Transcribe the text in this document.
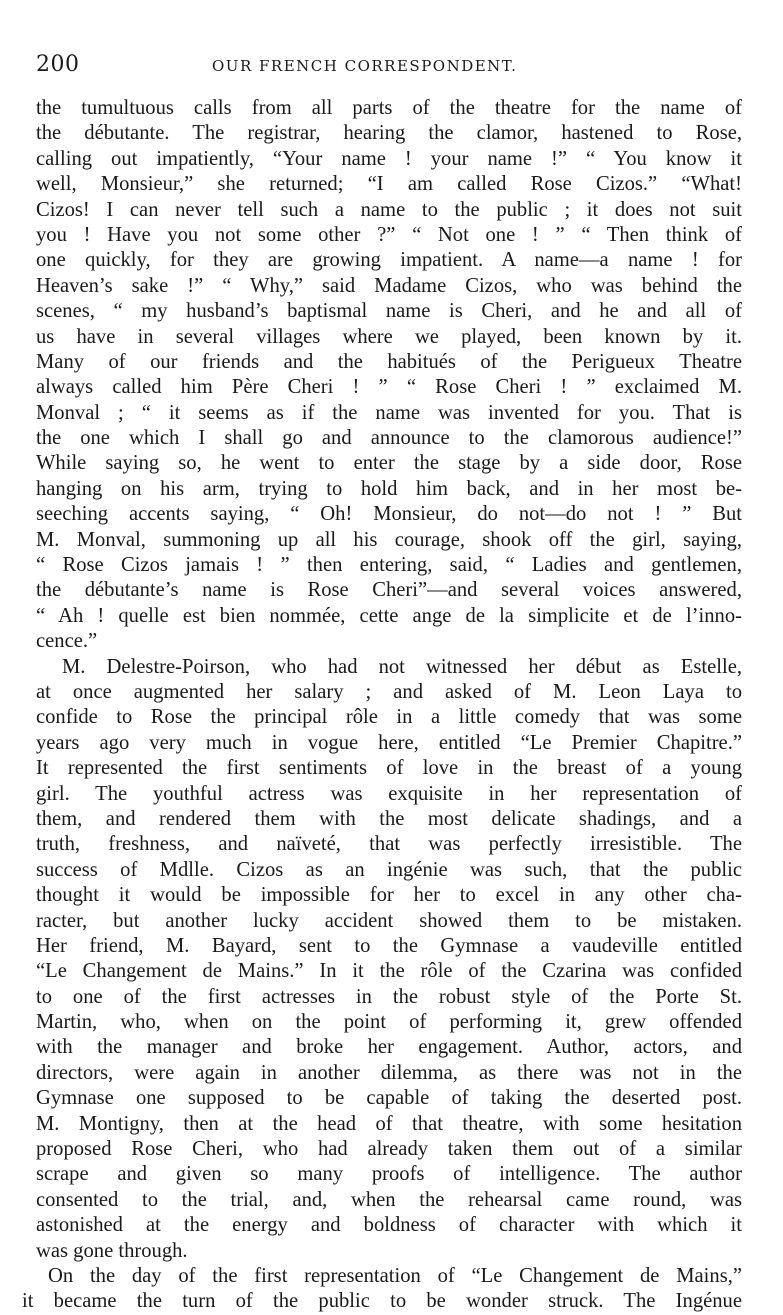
200	OUR FRENCH CORRESPONDENT.
the tumultuous calls from all parts of the theatre for the name of
the débutante. The registrar, hearing the clamor, hastened to Rose,
calling out impatiently, “Your name ! your name !” “ You know it
well, Monsieur,” she returned; “I am called Rose Cizos.” “What!
Cizos! I can never tell such a name to the public ; it does not suit
you ! Have you not some other ?” “ Not one ! ” “ Then think of
one quickly, for they are growing impatient. A name—a name ! for
Heaven’s sake !” “ Why,” said Madame Cizos, who was behind the
scenes, “ my husband’s baptismal name is Cheri, and he and all of
us have in several villages where we played, been known by it.
Many of our friends and the habitués of the Perigueux Theatre
always called him Père Cheri ! ” “ Rose Cheri ! ” exclaimed M.
Monval ; “ it seems as if the name was invented for you. That is
the one which I shall go and announce to the clamorous audience!”
While saying so, he went to enter the stage by a side door, Rose
hanging on his arm, trying to hold him back, and in her most be-
seeching accents saying, “ Oh! Monsieur, do not—do not ! ” But
M. Monval, summoning up all his courage, shook off the girl, saying,
“ Rose Cizos jamais ! ” then entering, said, “ Ladies and gentlemen,
the débutante’s name is Rose Cheri”—and several voices answered,
“ Ah ! quelle est bien nommée, cette ange de la simplicite et de l’inno-
cence.”
M. Delestre-Poirson, who had not witnessed her début as Estelle,
at once augmented her salary ; and asked of M. Leon Laya to
confide to Rose the principal rôle in a little comedy that was some
years ago very much in vogue here, entitled “Le Premier Chapitre.”
It represented the first sentiments of love in the breast of a young
girl. The youthful actress was exquisite in her representation of
them, and rendered them with the most delicate shadings, and a
truth, freshness, and naïveté, that was perfectly irresistible. The
success of Mdlle. Cizos as an ingénie was such, that the public
thought it would be impossible for her to excel in any other cha-
racter, but another lucky accident showed them to be mistaken.
Her friend, M. Bayard, sent to the Gymnase a vaudeville entitled
“Le Changement de Mains.” In it the rôle of the Czarina was confided
to one of the first actresses in the robust style of the Porte St.
Martin, who, when on the point of performing it, grew offended
with the manager and broke her engagement. Author, actors, and
directors, were again in another dilemma, as there was not in the
Gymnase one supposed to be capable of taking the deserted post.
M. Montigny, then at the head of that theatre, with some hesitation
proposed Rose Cheri, who had already taken them out of a similar
scrape and given so many proofs of intelligence. The author
consented to the trial, and, when the rehearsal came round, was
astonished at the energy and boldness of character with which it
was gone through.
On the day of the first representation of “Le Changement de Mains,”
it became the turn of the public to be wonder struck. The Ingénue
